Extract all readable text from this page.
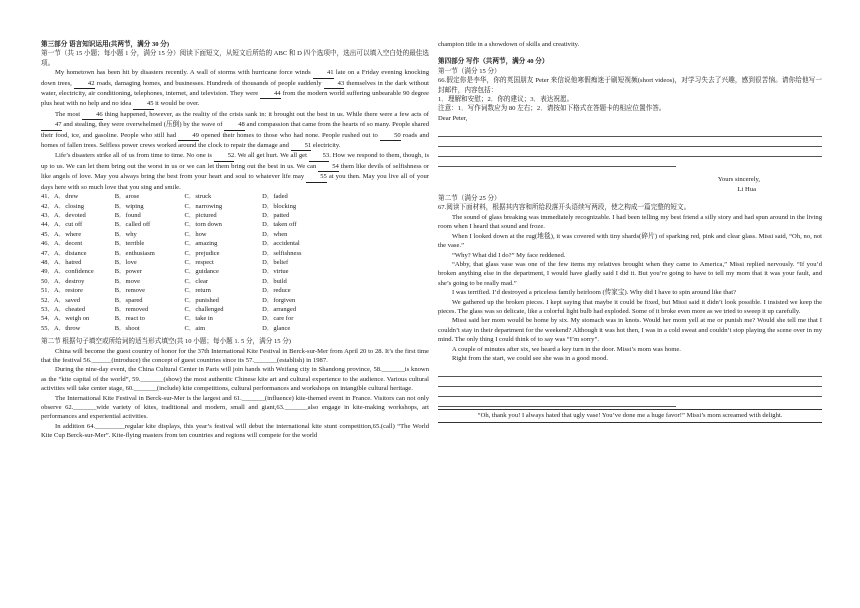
第三部分 语言知识运用(共两节，满分 30 分)

第一节（共 15 小题；每小题 1 分，满分 15 分）阅读下面短文，从短文后所给的 ABC 和 D 四个选项中，选出可以填入空白处的最佳选项。

My hometown has been hit by disasters recently. A wall of storms with hurricane force winds 41 late on a Friday evening knocking down trees, 42 roads, damaging homes, and businesses. Hundreds of thousands of people suddenly 43 themselves in the dark without water, electricity, air conditioning, telephones, internet, and television. They were 44 from the modern world suffering unbearable 90 degree plus heat with no help and no idea 45 it would be over.

The most 46 thing happened, however, as the reality of the crisis sank in: it brought out the best in us. While there were a few acts of 47 and stealing, they were overwhelmed (压倒) by the wave of 48 and compassion that came from the hearts of so many. People shared their food, ice, and gasoline. People who still had 49 opened their homes to those who had none. People rushed out to 50 roads and homes of fallen trees. Selfless power crews worked around the clock to repair the damage and 51 electricity.

Life’s disasters strike all of us from time to time. No one is 52. We all get hurt. We all get 53. How we respond to them, though, is up to us. We can let them bring out the worst in us or we can let them bring out the best in us. We can 54 them like devils of selfishness or like angels of love. May you always bring the best from your heart and soul to whatever life may 55 at you then. May you live all of your days here with so much love that you sing and smile.

41．A．drew	B．arose	C．struck	D．faded
42．A．closing	B．wiping	C．narrowing	D．blocking
43．A．devoted	B．found	C．pictured	D．patted
44．A．cut off	B．called off	C．torn down	D．taken off
45．A．where	B．why	C．how	D．when
46．A．decent	B．terrible	C．amazing	D．accidental
47．A．distance	B．enthusiasm	C．prejudice	D．selfishness
48．A．hatred	B．love	C．respect	D．belief
49．A．confidence	B．power	C．guidance	D．virtue
50．A．destroy	B．move	C．clear	D．build
51．A．restore	B．remove	C．return	D．reduce
52．A．saved	B．spared	C．punished	D．forgiven
53．A．cheated	B．removed	C．challenged	D．arranged
54．A．weigh on	B．react to	C．take in	D．care for
55．A．throw	B．shoot	C．aim	D．glance

第二节 根据句子填空或所给词的适当形式填空(共 10 小题；每小题 1. 5 分，满分 15 分)

China will become the guest country of honor for the 37th International Kite Festival in Berck-sur-Mer from April 20 to 28. It’s the first time that the festival 56.______(introduce) the concept of guest countries since its 57._______(establish) in 1987.

During the nine-day event, the China Cultural Center in Paris will join hands with Weifang city in Shandong province, 58._______is known as the “kite capital of the world”, 59._______(show) the most authentic Chinese kite art and cultural experience to the audience. Various cultural activities will take center stage, 60._______(include) kite competitions, cultural performances and workshops on intangible cultural heritage.

The International Kite Festival in Berck-sur-Mer is the largest and 61._______(influence) kite-themed event in France. Visitors can not only observe 62._______wide variety of kites, traditional and modern, small and giant,63._______also engage in kite-making workshops, art performances and experiential activities.

In addition 64._________regular kite displays, this year’s festival will debut the international kite stunt competition,65.(call) “The World Kite Cup Berck-sur-Mer”. Kite-flying masters from ten countries and regions will compete for the world

champion title in a showdown of skills and creativity.

第四部分 写作（共两节，满分 40 分）

第一节（满分 15 分）

66.假定你是李华，你的英国朋友 Peter 来信说他寒假痴迷于刷短视频(short videos)，对学习失去了兴趣，感到很苦恼。请你给他写一封邮件，内容包括：

1．理解和安慰；2．你的建议；3．表达祝愿。

注意：1．写作词数应为 80 左右；2．请按如下格式在答题卡的相应位置作答。

Dear Peter,

Yours sincerely,

Li Hua

第二节（满分 25 分）

67.阅读下面材料，根据其内容和所给段落开头语续写两段，使之构成一篇完整的短文。

The sound of glass breaking was immediately recognizable. I had been telling my best friend a silly story and had spun around in the living room when I heard that sound and froze.

When I looked down at the rug(地毯), it was covered with tiny shards(碎片) of sparking red, pink and clear glass. Missi said, “Oh, no, not the vase.”

“Why? What did I do?” My face reddened.

“Abby, that glass vase was one of the few items my relatives brought when they came to America,” Missi replied nervously. “If you’d broken anything else in the department, I would have gladly said I did it. But you’re going to have to tell my mom that it was your fault, and she’s going to be really mad.”

I was terrified. I’d destroyed a priceless family heirloom (传家宝). Why did I have to spin around like that?

We gathered up the broken pieces. I kept saying that maybe it could be fixed, but Missi said it didn’t look possible. I insisted we keep the pieces. The glass was so delicate, like a colorful light bulb had exploded. Some of it broke even more as we tried to sweep it up carefully.

Missi said her mom would be home by six. My stomach was in knots. Would her mom yell at me or punish me? Would she tell me that I couldn’t stay in their department for the weekend? Although it was hot then, I was in a cold sweat and couldn’t stop playing the scene over in my mind. The only thing I could think of to say was “I’m sorry”.

A couple of minutes after six, we heard a key turn in the door. Missi’s mom was home.

Right from the start, we could see she was in a good mood.

“Oh, thank you! I always hated that ugly vase! You’ve done me a huge favor!” Missi’s mom screamed with delight.
